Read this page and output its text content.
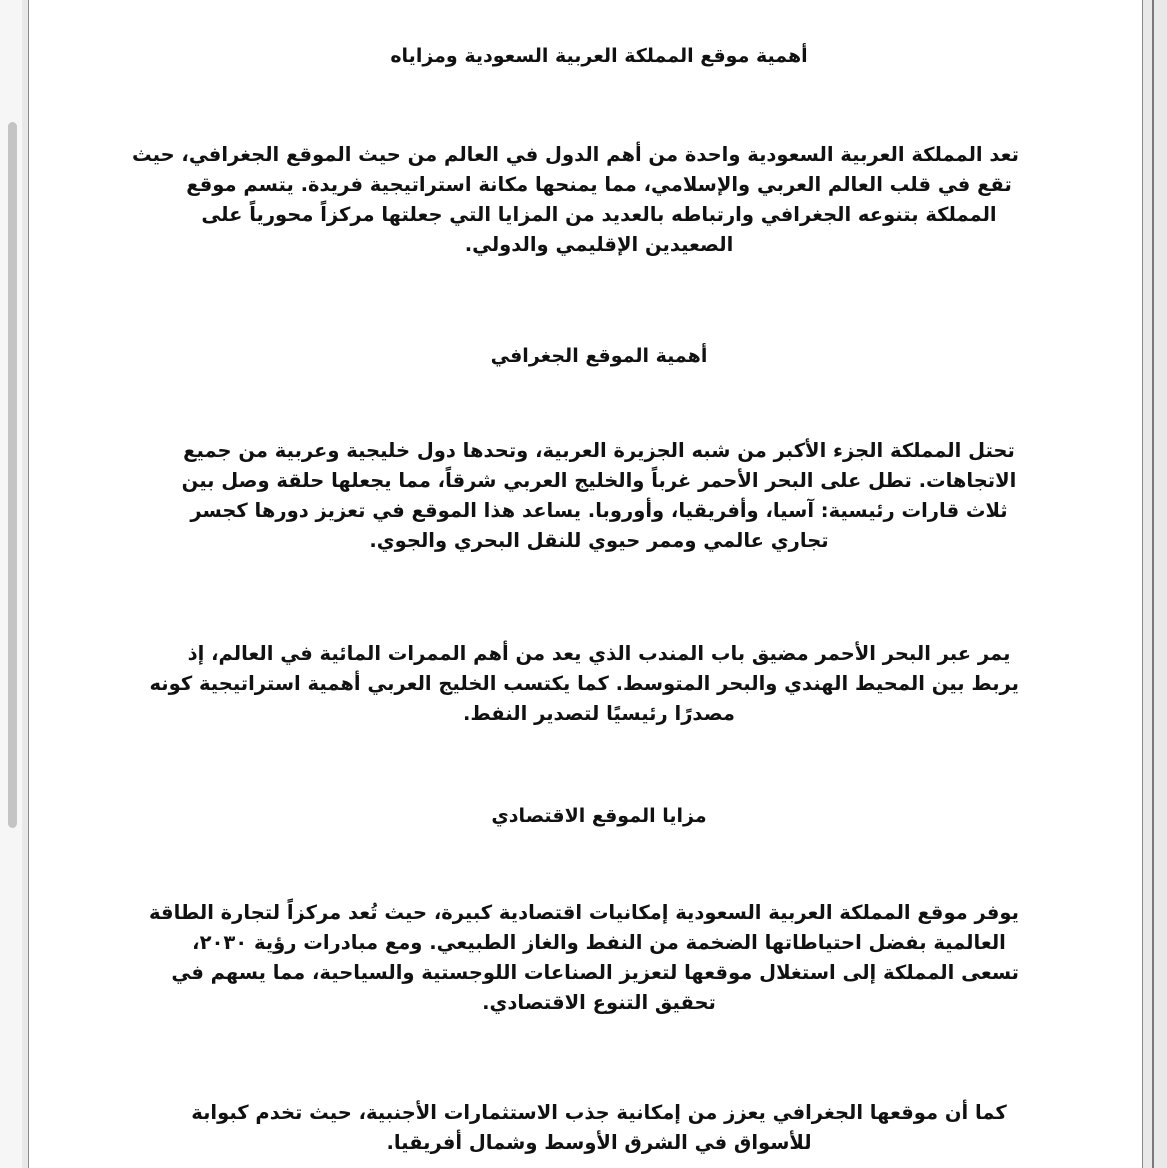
أهمية موقع المملكة العربية السعودية ومزاياه

تعد المملكة العربية السعودية واحدة من أهم الدول في العالم من حيث الموقع الجغرافي، حيث
تقع في قلب العالم العربي والإسلامي، مما يمنحها مكانة استراتيجية فريدة. يتسم موقع
المملكة بتنوعه الجغرافي وارتباطه بالعديد من المزايا التي جعلتها مركزاً محورياً على
الصعيدين الإقليمي والدولي.

أهمية الموقع الجغرافي

تحتل المملكة الجزء الأكبر من شبه الجزيرة العربية، وتحدها دول خليجية وعربية من جميع
الاتجاهات. تطل على البحر الأحمر غرباً والخليج العربي شرقاً، مما يجعلها حلقة وصل بين
ثلاث قارات رئيسية: آسيا، وأفريقيا، وأوروبا. يساعد هذا الموقع في تعزيز دورها كجسر
تجاري عالمي وممر حيوي للنقل البحري والجوي.

يمر عبر البحر الأحمر مضيق باب المندب الذي يعد من أهم الممرات المائية في العالم، إذ
يربط بين المحيط الهندي والبحر المتوسط. كما يكتسب الخليج العربي أهمية استراتيجية كونه
مصدرًا رئيسيًا لتصدير النفط.

مزايا الموقع الاقتصادي

يوفر موقع المملكة العربية السعودية إمكانيات اقتصادية كبيرة، حيث تُعد مركزاً لتجارة الطاقة
العالمية بفضل احتياطاتها الضخمة من النفط والغاز الطبيعي. ومع مبادرات رؤية ٢٠٣٠،
تسعى المملكة إلى استغلال موقعها لتعزيز الصناعات اللوجستية والسياحية، مما يسهم في
تحقيق التنوع الاقتصادي.

كما أن موقعها الجغرافي يعزز من إمكانية جذب الاستثمارات الأجنبية، حيث تخدم كبوابة
للأسواق في الشرق الأوسط وشمال أفريقيا.
